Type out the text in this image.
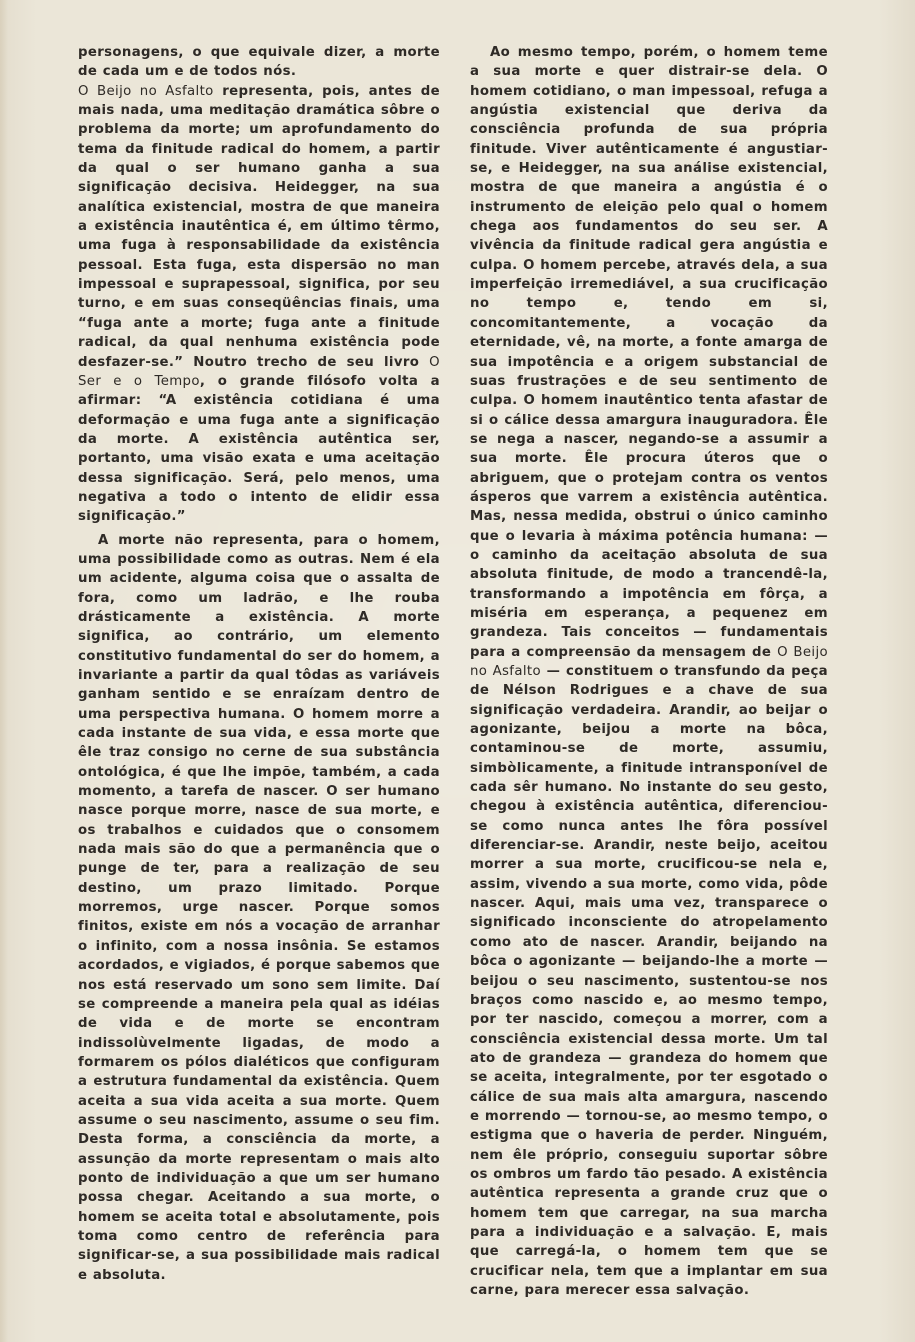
personagens, o que equivale dizer, a morte de cada um e de todos nós.

O Beijo no Asfalto representa, pois, antes de mais nada, uma meditação dramática sôbre o problema da morte; um aprofundamento do tema da finitude radical do homem, a partir da qual o ser humano ganha a sua significação decisiva. Heidegger, na sua analítica existencial, mostra de que maneira a existência inautêntica é, em último têrmo, uma fuga à responsabilidade da existência pessoal. Esta fuga, esta dispersão no man impessoal e suprapessoal, significa, por seu turno, e em suas conseqüências finais, uma “fuga ante a morte; fuga ante a finitude radical, da qual nenhuma existência pode desfazer-se.” Noutro trecho de seu livro O Ser e o Tempo, o grande filósofo volta a afirmar: “A existência cotidiana é uma deformação e uma fuga ante a significação da morte. A existência autêntica ser, portanto, uma visão exata e uma aceitação dessa significação. Será, pelo menos, uma negativa a todo o intento de elidir essa significação.”

A morte não representa, para o homem, uma possibilidade como as outras. Nem é ela um acidente, alguma coisa que o assalta de fora, como um ladrão, e lhe rouba drásticamente a existência. A morte significa, ao contrário, um elemento constitutivo fundamental do ser do homem, a invariante a partir da qual tôdas as variáveis ganham sentido e se enraízam dentro de uma perspectiva humana. O homem morre a cada instante de sua vida, e essa morte que êle traz consigo no cerne de sua substância ontológica, é que lhe impõe, também, a cada momento, a tarefa de nascer. O ser humano nasce porque morre, nasce de sua morte, e os trabalhos e cuidados que o consomem nada mais são do que a permanência que o punge de ter, para a realização de seu destino, um prazo limitado. Porque morremos, urge nascer. Porque somos finitos, existe em nós a vocação de arranhar o infinito, com a nossa insônia. Se estamos acordados, e vigiados, é porque sabemos que nos está reservado um sono sem limite. Daí se compreende a maneira pela qual as idéias de vida e de morte se encontram indissolùvelmente ligadas, de modo a formarem os pólos dialéticos que configuram a estrutura fundamental da existência. Quem aceita a sua vida aceita a sua morte. Quem assume o seu nascimento, assume o seu fim. Desta forma, a consciência da morte, a assunção da morte representam o mais alto ponto de individuação a que um ser humano possa chegar. Aceitando a sua morte, o homem se aceita total e absolutamente, pois toma como centro de referência para significar-se, a sua possibilidade mais radical e absoluta.

Ao mesmo tempo, porém, o homem teme a sua morte e quer distrair-se dela. O homem cotidiano, o man impessoal, refuga a angústia existencial que deriva da consciência profunda de sua própria finitude. Viver autênticamente é angustiar-se, e Heidegger, na sua análise existencial, mostra de que maneira a angústia é o instrumento de eleição pelo qual o homem chega aos fundamentos do seu ser. A vivência da finitude radical gera angústia e culpa. O homem percebe, através dela, a sua imperfeição irremediável, a sua crucificação no tempo e, tendo em si, concomitantemente, a vocação da eternidade, vê, na morte, a fonte amarga de sua impotência e a origem substancial de suas frustrações e de seu sentimento de culpa. O homem inautêntico tenta afastar de si o cálice dessa amargura inauguradora. Êle se nega a nascer, negando-se a assumir a sua morte. Êle procura úteros que o abriguem, que o protejam contra os ventos ásperos que varrem a existência autêntica. Mas, nessa medida, obstrui o único caminho que o levaria à máxima potência humana: — o caminho da aceitação absoluta de sua absoluta finitude, de modo a trancendê-la, transformando a impotência em fôrça, a miséria em esperança, a pequenez em grandeza. Tais conceitos — fundamentais para a compreensão da mensagem de O Beijo no Asfalto — constituem o transfundo da peça de Nélson Rodrigues e a chave de sua significação verdadeira. Arandir, ao beijar o agonizante, beijou a morte na bôca, contaminou-se de morte, assumiu, simbòlicamente, a finitude intransponível de cada sêr humano. No instante do seu gesto, chegou à existência autêntica, diferenciou-se como nunca antes lhe fôra possível diferenciar-se. Arandir, neste beijo, aceitou morrer a sua morte, crucificou-se nela e, assim, vivendo a sua morte, como vida, pôde nascer. Aqui, mais uma vez, transparece o significado inconsciente do atropelamento como ato de nascer. Arandir, beijando na bôca o agonizante — beijando-lhe a morte — beijou o seu nascimento, sustentou-se nos braços como nascido e, ao mesmo tempo, por ter nascido, começou a morrer, com a consciência existencial dessa morte. Um tal ato de grandeza — grandeza do homem que se aceita, integralmente, por ter esgotado o cálice de sua mais alta amargura, nascendo e morrendo — tornou-se, ao mesmo tempo, o estigma que o haveria de perder. Ninguém, nem êle próprio, conseguiu suportar sôbre os ombros um fardo tão pesado. A existência autêntica representa a grande cruz que o homem tem que carregar, na sua marcha para a individuação e a salvação. E, mais que carregá-la, o homem tem que se crucificar nela, tem que a implantar em sua carne, para merecer essa salvação.
